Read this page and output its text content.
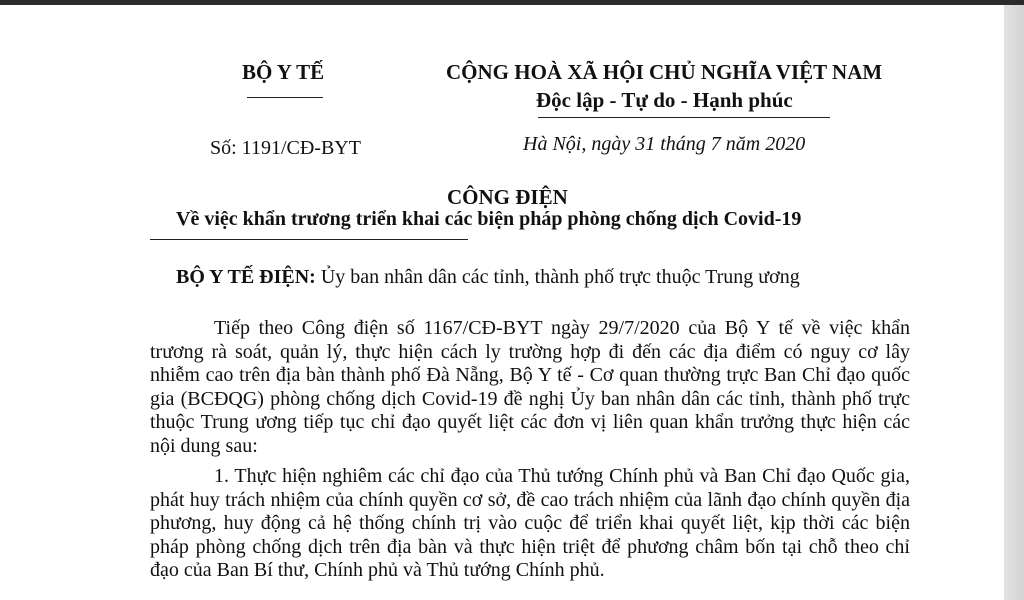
BỘ Y TẾ	CỘNG HOÀ XÃ HỘI CHỦ NGHĨA VIỆT NAM
Độc lập - Tự do - Hạnh phúc
Số: 1191/CĐ-BYT	Hà Nội, ngày 31 tháng 7 năm 2020
CÔNG ĐIỆN
Về việc khẩn trương triển khai các biện pháp phòng chống dịch Covid-19
BỘ Y TẾ ĐIỆN: Ủy ban nhân dân các tỉnh, thành phố trực thuộc Trung ương

Tiếp theo Công điện số 1167/CĐ-BYT ngày 29/7/2020 của Bộ Y tế về việc khẩn trương rà soát, quản lý, thực hiện cách ly trường hợp đi đến các địa điểm có nguy cơ lây nhiễm cao trên địa bàn thành phố Đà Nẵng, Bộ Y tế - Cơ quan thường trực Ban Chỉ đạo quốc gia (BCĐQG) phòng chống dịch Covid-19 đề nghị Ủy ban nhân dân các tỉnh, thành phố trực thuộc Trung ương tiếp tục chỉ đạo quyết liệt các đơn vị liên quan khẩn trưởng thực hiện các nội dung sau:

1. Thực hiện nghiêm các chỉ đạo của Thủ tướng Chính phủ và Ban Chỉ đạo Quốc gia, phát huy trách nhiệm của chính quyền cơ sở, đề cao trách nhiệm của lãnh đạo chính quyền địa phương, huy động cả hệ thống chính trị vào cuộc để triển khai quyết liệt, kịp thời các biện pháp phòng chống dịch trên địa bàn và thực hiện triệt để phương châm bốn tại chỗ theo chỉ đạo của Ban Bí thư, Chính phủ và Thủ tướng Chính phủ.
